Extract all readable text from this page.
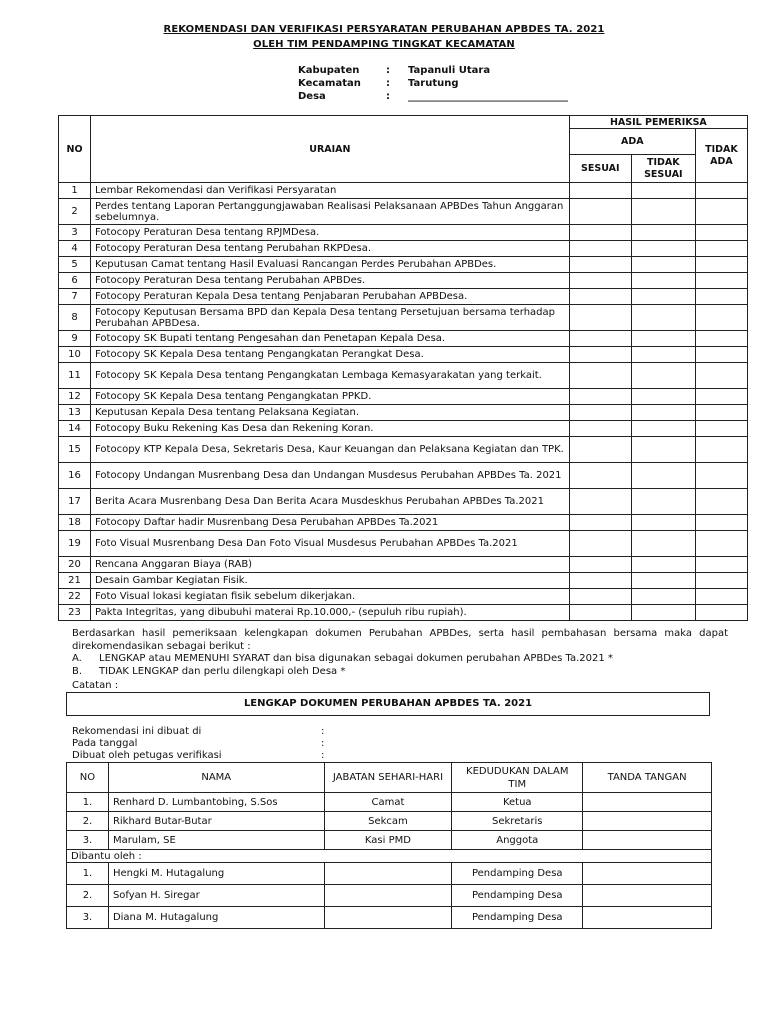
REKOMENDASI DAN VERIFIKASI PERSYARATAN PERUBAHAN APBDES TA. 2021
OLEH TIM PENDAMPING TINGKAT KECAMATAN
Kabupaten	:	Tapanuli Utara
Kecamatan	:	Tarutung
Desa	:	________________________________
NO	URAIAN	HASIL PEMERIKSA		
		ADA		TIDAK ADA
		SESUAI	TIDAK SESUAI	
1	Lembar Rekomendasi dan Verifikasi Persyaratan			
2	Perdes tentang Laporan Pertanggungjawaban Realisasi Pelaksanaan APBDes Tahun Anggaran sebelumnya.			
3	Fotocopy Peraturan Desa tentang RPJMDesa.			
4	Fotocopy Peraturan Desa tentang Perubahan RKPDesa.			
5	Keputusan Camat tentang Hasil Evaluasi Rancangan Perdes Perubahan APBDes.			
6	Fotocopy Peraturan Desa tentang Perubahan APBDes.			
7	Fotocopy Peraturan Kepala Desa tentang Penjabaran Perubahan APBDesa.			
8	Fotocopy Keputusan Bersama BPD dan Kepala Desa tentang Persetujuan bersama terhadap Perubahan APBDesa.			
9	Fotocopy SK Bupati tentang Pengesahan dan Penetapan Kepala Desa.			
10	Fotocopy SK Kepala Desa tentang Pengangkatan Perangkat Desa.			
11	Fotocopy SK Kepala Desa tentang Pengangkatan Lembaga Kemasyarakatan yang terkait.			
12	Fotocopy SK Kepala Desa tentang Pengangkatan PPKD.			
13	Keputusan Kepala Desa tentang Pelaksana Kegiatan.			
14	Fotocopy Buku Rekening Kas Desa dan Rekening Koran.			
15	Fotocopy KTP Kepala Desa, Sekretaris Desa, Kaur Keuangan dan Pelaksana Kegiatan dan TPK.			
16	Fotocopy Undangan Musrenbang Desa dan Undangan Musdesus Perubahan APBDes Ta. 2021			
17	Berita Acara Musrenbang Desa Dan Berita Acara Musdeskhus Perubahan APBDes Ta.2021			
18	Fotocopy Daftar hadir Musrenbang Desa Perubahan APBDes Ta.2021			
19	Foto Visual Musrenbang Desa Dan Foto Visual Musdesus Perubahan APBDes Ta.2021			
20	Rencana Anggaran Biaya (RAB)			
21	Desain Gambar Kegiatan Fisik.			
22	Foto Visual lokasi kegiatan fisik sebelum dikerjakan.			
23	Pakta Integritas, yang dibubuhi materai Rp.10.000,- (sepuluh ribu rupiah).			
Berdasarkan hasil pemeriksaan kelengkapan dokumen Perubahan APBDes, serta hasil pembahasan bersama maka dapat direkomendasikan sebagai berikut :
A. LENGKAP atau MEMENUHI SYARAT dan bisa digunakan sebagai dokumen perubahan APBDes Ta.2021 *
B. TIDAK LENGKAP dan perlu dilengkapi oleh Desa *
Catatan :
LENGKAP DOKUMEN PERUBAHAN APBDES TA. 2021
Rekomendasi ini dibuat di	:
Pada tanggal	:
Dibuat oleh petugas verifikasi	:
NO	NAMA	JABATAN SEHARI-HARI	KEDUDUKAN DALAM TIM	TANDA TANGAN
1.	Renhard D. Lumbantobing, S.Sos	Camat	Ketua	
2.	Rikhard Butar-Butar	Sekcam	Sekretaris	
3.	Marulam, SE	Kasi PMD	Anggota	
Dibantu oleh :				
1.	Hengki M. Hutagalung		Pendamping Desa	
2.	Sofyan H. Siregar		Pendamping Desa	
3.	Diana M. Hutagalung		Pendamping Desa	
